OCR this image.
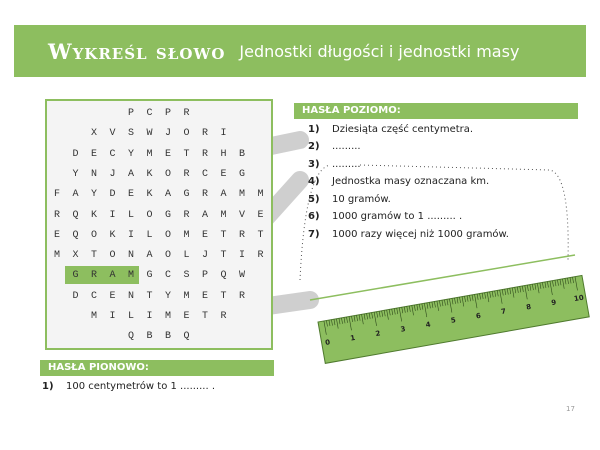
Wykreśl słowo Jednostki długości i jednostki masy
PCPR
XVSWJORI
DECYMETRHB
YNJAKORCEG
FAYDEKAGRAMM
RQKILOGRAMVE
EQOKILOMETRT
MXTONAOLJTIR
GRAMGCSPQW
DCENTYMETR
MILIMETR
QBBQ
HASŁA POZIOMO:
1) Dziesiąta część centymetra.
2) .........
3) .........
4) Jednostka masy oznaczana km.
5) 10 gramów.
6) 1000 gramów to 1 ......... .
7) 1000 razy więcej niż 1000 gramów.
HASŁA PIONOWO:
1) 100 centymetrów to 1 ......... .
0
1
2
3
4
5
6
7
8
9 10
17
